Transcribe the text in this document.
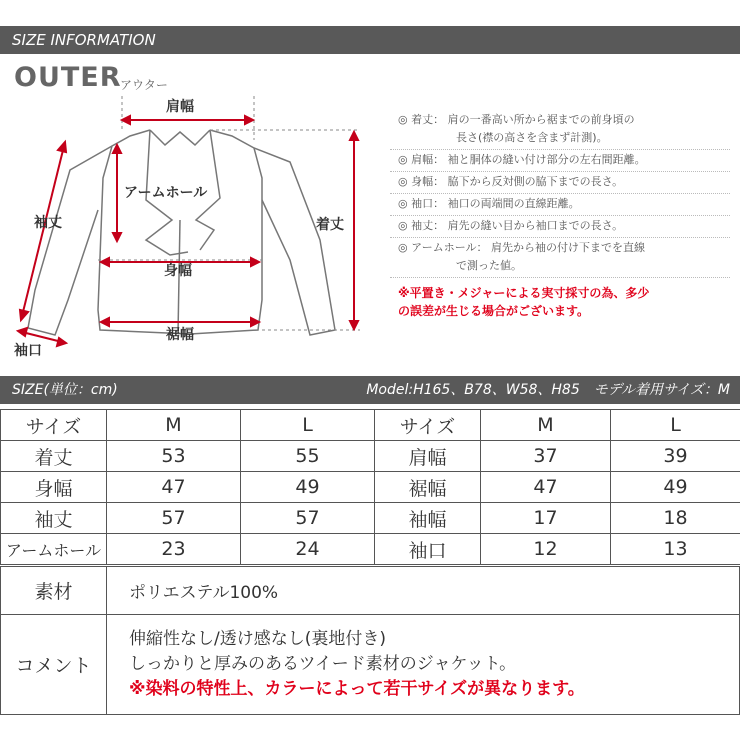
SIZE INFORMATION
OUTER
アウター
肩幅
着丈
袖丈
アームホール
身幅
裾幅
袖口
◎ 着丈： 肩の一番高い所から裾までの前身頃の
長さ(襟の高さを含まず計測)。
◎ 肩幅： 袖と胴体の縫い付け部分の左右間距離。
◎ 身幅： 脇下から反対側の脇下までの長さ。
◎ 袖口： 袖口の両端間の直線距離。
◎ 袖丈： 肩先の縫い目から袖口までの長さ。
◎ アームホール： 肩先から袖の付け下までを直線
で測った値。
※平置き・メジャーによる実寸採寸の為、多少
の誤差が生じる場合がございます。
SIZE(単位：cm)	Model:H165、B78、W58、H85　モデル着用サイズ：M
サイズ	M	L	サイズ	M	L
着丈	53	55	肩幅	37	39
身幅	47	49	裾幅	47	49
袖丈	57	57	袖幅	17	18
アームホール	23	24	袖口	12	13
素材	ポリエステル100%
コメント	伸縮性なし/透け感なし(裏地付き)
しっかりと厚みのあるツイード素材のジャケット。
※染料の特性上、カラーによって若干サイズが異なります。
